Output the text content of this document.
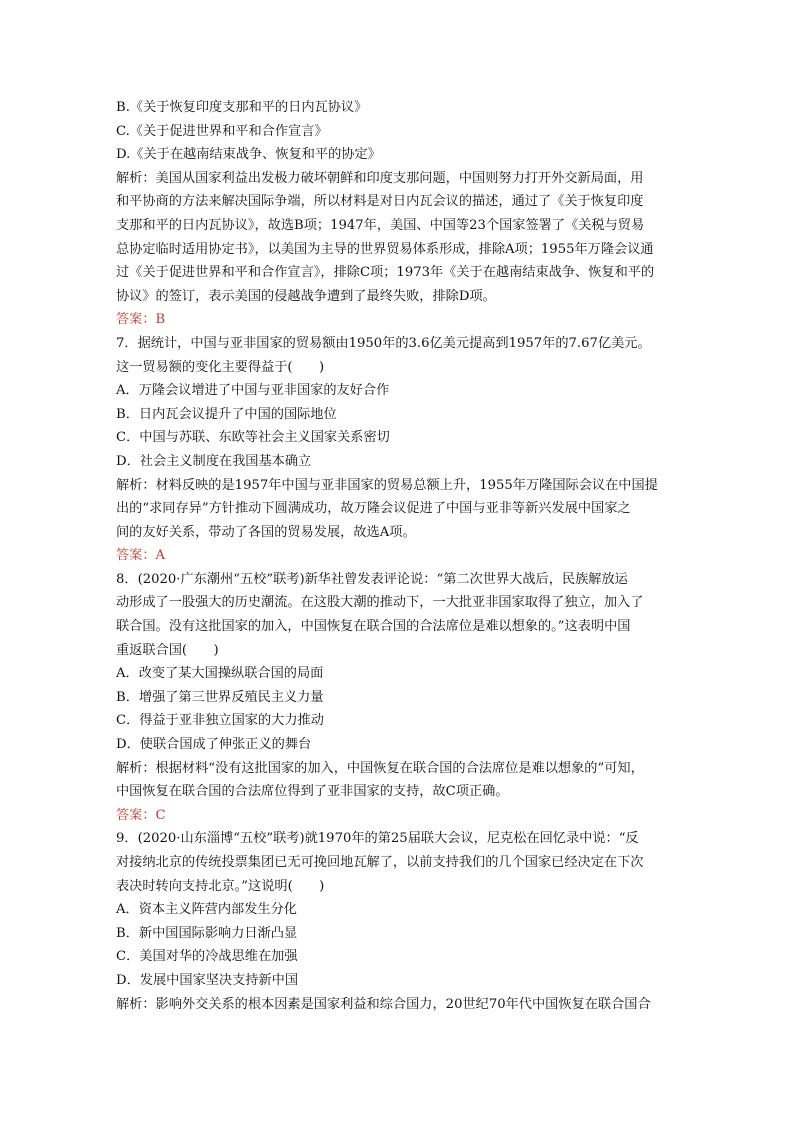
B.《关于恢复印度支那和平的日内瓦协议》

C.《关于促进世界和平和合作宣言》

D.《关于在越南结束战争、恢复和平的协定》

解析：美国从国家利益出发极力破坏朝鲜和印度支那问题，中国则努力打开外交新局面，用

和平协商的方法来解决国际争端，所以材料是对日内瓦会议的描述，通过了《关于恢复印度

支那和平的日内瓦协议》，故选B项；1947年，美国、中国等23个国家签署了《关税与贸易

总协定临时适用协定书》，以美国为主导的世界贸易体系形成，排除A项；1955年万隆会议通

过《关于促进世界和平和合作宣言》，排除C项；1973年《关于在越南结束战争、恢复和平的

协议》的签订，表示美国的侵越战争遭到了最终失败，排除D项。

答案：B

7．据统计，中国与亚非国家的贸易额由1950年的3.6亿美元提高到1957年的7.67亿美元。

这一贸易额的变化主要得益于(　　)

A．万隆会议增进了中国与亚非国家的友好合作

B．日内瓦会议提升了中国的国际地位

C．中国与苏联、东欧等社会主义国家关系密切

D．社会主义制度在我国基本确立

解析：材料反映的是1957年中国与亚非国家的贸易总额上升，1955年万隆国际会议在中国提

出的“求同存异”方针推动下圆满成功，故万隆会议促进了中国与亚非等新兴发展中国家之

间的友好关系，带动了各国的贸易发展，故选A项。

答案：A

8．(2020·广东潮州“五校”联考)新华社曾发表评论说：“第二次世界大战后，民族解放运

动形成了一股强大的历史潮流。在这股大潮的推动下，一大批亚非国家取得了独立，加入了

联合国。没有这批国家的加入，中国恢复在联合国的合法席位是难以想象的。”这表明中国

重返联合国(　　)

A．改变了某大国操纵联合国的局面

B．增强了第三世界反殖民主义力量

C．得益于亚非独立国家的大力推动

D．使联合国成了伸张正义的舞台

解析：根据材料“没有这批国家的加入，中国恢复在联合国的合法席位是难以想象的”可知，

中国恢复在联合国的合法席位得到了亚非国家的支持，故C项正确。

答案：C

9．(2020·山东淄博“五校”联考)就1970年的第25届联大会议，尼克松在回忆录中说：“反

对接纳北京的传统投票集团已无可挽回地瓦解了，以前支持我们的几个国家已经决定在下次

表决时转向支持北京。”这说明(　　)

A．资本主义阵营内部发生分化

B．新中国国际影响力日渐凸显

C．美国对华的冷战思维在加强

D．发展中国家坚决支持新中国

解析：影响外交关系的根本因素是国家利益和综合国力，20世纪70年代中国恢复在联合国合
